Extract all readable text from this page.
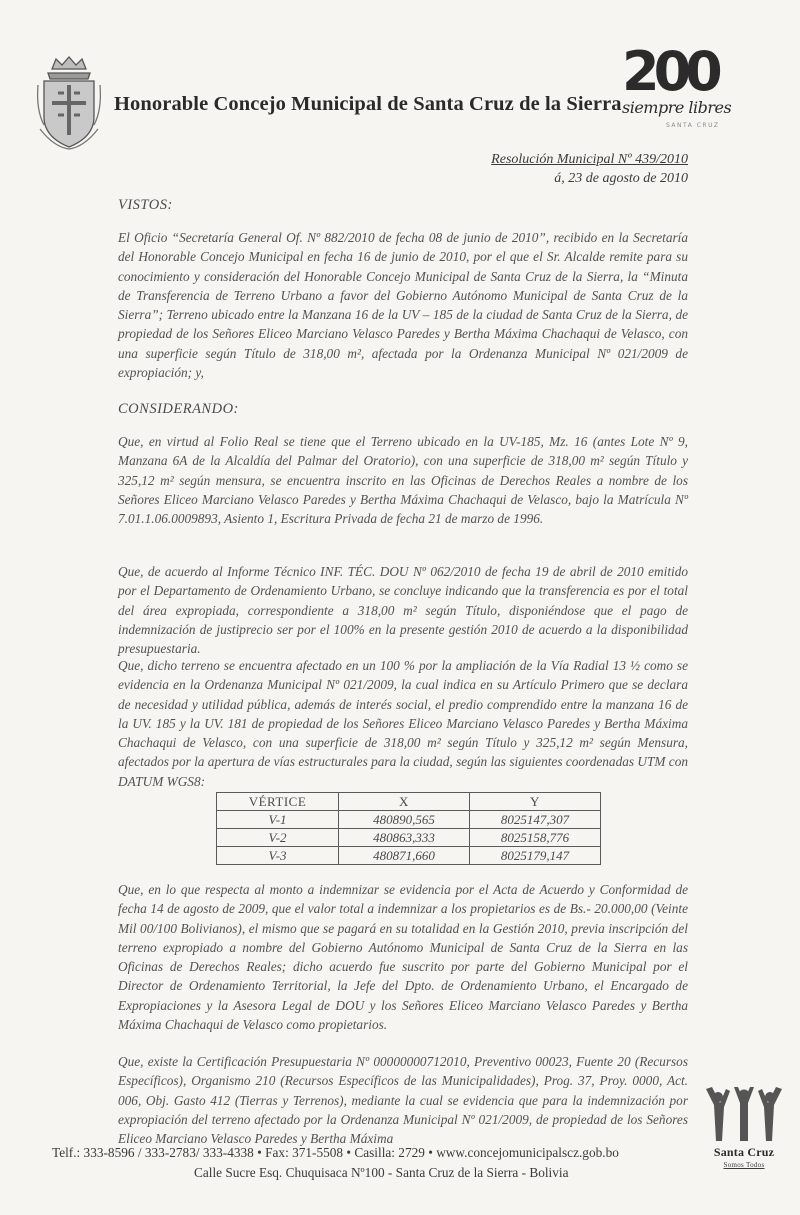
Honorable Concejo Municipal de Santa Cruz de la Sierra
200
siempre libres
SANTA CRUZ
Resolución Municipal Nº 439/2010
á, 23 de agosto de 2010
VISTOS:
El Oficio “Secretaría General Of. Nº 882/2010 de fecha 08 de junio de 2010”, recibido en la Secretaría del Honorable Concejo Municipal en fecha 16 de junio de 2010, por el que el Sr. Alcalde remite para su conocimiento y consideración del Honorable Concejo Municipal de Santa Cruz de la Sierra, la “Minuta de Transferencia de Terreno Urbano a favor del Gobierno Autónomo Municipal de Santa Cruz de la Sierra”; Terreno ubicado entre la Manzana 16 de la UV – 185 de la ciudad de Santa Cruz de la Sierra, de propiedad de los Señores Eliceo Marciano Velasco Paredes y Bertha Máxima Chachaqui de Velasco, con una superficie según Título de 318,00 m², afectada por la Ordenanza Municipal Nº 021/2009 de expropiación; y,
CONSIDERANDO:
Que, en virtud al Folio Real se tiene que el Terreno ubicado en la UV-185, Mz. 16 (antes Lote Nº 9, Manzana 6A de la Alcaldía del Palmar del Oratorio), con una superficie de 318,00 m² según Título y 325,12 m² según mensura, se encuentra inscrito en las Oficinas de Derechos Reales a nombre de los Señores Eliceo Marciano Velasco Paredes y Bertha Máxima Chachaqui de Velasco, bajo la Matrícula Nº 7.01.1.06.0009893, Asiento 1, Escritura Privada de fecha 21 de marzo de 1996.
Que, de acuerdo al Informe Técnico INF. TÉC. DOU Nº 062/2010 de fecha 19 de abril de 2010 emitido por el Departamento de Ordenamiento Urbano, se concluye indicando que la transferencia es por el total del área expropiada, correspondiente a 318,00 m² según Título, disponiéndose que el pago de indemnización de justiprecio ser por el 100% en la presente gestión 2010 de acuerdo a la disponibilidad presupuestaria.
Que, dicho terreno se encuentra afectado en un 100 % por la ampliación de la Vía Radial 13 ½ como se evidencia en la Ordenanza Municipal Nº 021/2009, la cual indica en su Artículo Primero que se declara de necesidad y utilidad pública, además de interés social, el predio comprendido entre la manzana 16 de la UV. 185 y la UV. 181 de propiedad de los Señores Eliceo Marciano Velasco Paredes y Bertha Máxima Chachaqui de Velasco, con una superficie de 318,00 m² según Título y 325,12 m² según Mensura, afectados por la apertura de vías estructurales para la ciudad, según las siguientes coordenadas UTM con DATUM WGS8:
VÉRTICE	X	Y
V-1	480890,565	8025147,307
V-2	480863,333	8025158,776
V-3	480871,660	8025179,147
Que, en lo que respecta al monto a indemnizar se evidencia por el Acta de Acuerdo y Conformidad de fecha 14 de agosto de 2009, que el valor total a indemnizar a los propietarios es de Bs.- 20.000,00 (Veinte Mil 00/100 Bolivianos), el mismo que se pagará en su totalidad en la Gestión 2010, previa inscripción del terreno expropiado a nombre del Gobierno Autónomo Municipal de Santa Cruz de la Sierra en las Oficinas de Derechos Reales; dicho acuerdo fue suscrito por parte del Gobierno Municipal por el Director de Ordenamiento Territorial, la Jefe del Dpto. de Ordenamiento Urbano, el Encargado de Expropiaciones y la Asesora Legal de DOU y los Señores Eliceo Marciano Velasco Paredes y Bertha Máxima Chachaqui de Velasco como propietarios.
Que, existe la Certificación Presupuestaria Nº 00000000712010, Preventivo 00023, Fuente 20 (Recursos Específicos), Organismo 210 (Recursos Específicos de las Municipalidades), Prog. 37, Proy. 0000, Act. 006, Obj. Gasto 412 (Tierras y Terrenos), mediante la cual se evidencia que para la indemnización por expropiación del terreno afectado por la Ordenanza Municipal Nº 021/2009, de propiedad de los Señores Eliceo Marciano Velasco Paredes y Bertha Máxima
Telf.: 333-8596 / 333-2783/ 333-4338 • Fax: 371-5508 • Casilla: 2729 • www.concejomunicipalscz.gob.bo
Calle Sucre Esq. Chuquisaca Nº100 - Santa Cruz de la Sierra - Bolivia
Santa Cruz
Somos Todos
